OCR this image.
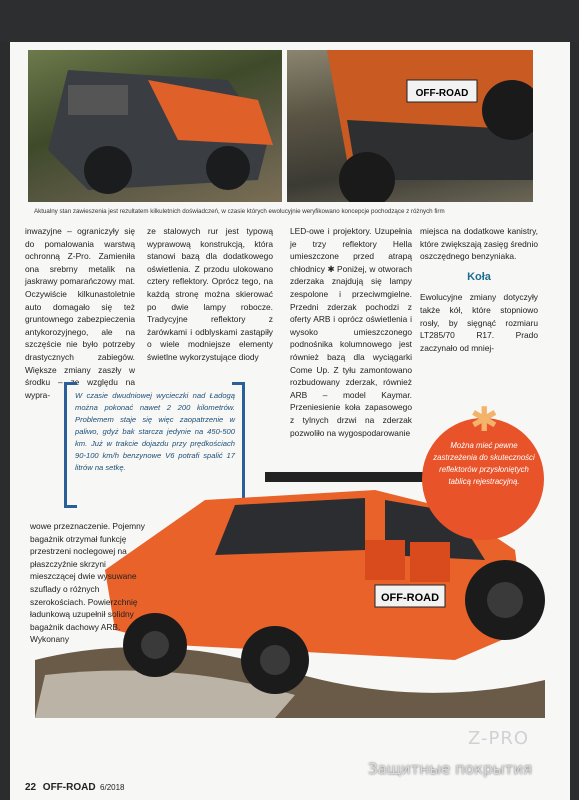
OFF-ROAD
Aktualny stan zawieszenia jest rezultatem kilkuletnich doświadczeń, w czasie których ewolucyjnie weryfikowano koncepcje pochodzące z różnych firm
inwazyjne – ograniczyły się do pomalowania warstwą ochronną Z-Pro. Zamieniła ona srebrny metalik na jaskrawy pomarańczowy mat. Oczywiście kilkunastoletnie auto domagało się też gruntownego zabezpieczenia antykorozyjnego, ale na szczęście nie było potrzeby drastycznych zabiegów. Większe zmiany zaszły w środku – ze względu na wypra-
ze stalowych rur jest typową wyprawową konstrukcją, która stanowi bazą dla dodatkowego oświetlenia. Z przodu ulokowano cztery reflektory. Oprócz tego, na każdą stronę można skierować po dwie lampy robocze. Tradycyjne reflektory z żarówkami i odblyskami zastąpiły o wiele modniejsze elementy świetlne wykorzystujące diody
LED-owe i projektory. Uzupełnia je trzy reflektory Hella umieszczone przed atrapą chłodnicy ✱ Poniżej, w otworach zderzaka znajdują się lampy zespolone i przeciwmgielne. Przedni zderzak pochodzi z oferty ARB i oprócz oświetlenia i wysoko umieszczonego podnośnika kolumnowego jest również bazą dla wyciągarki Come Up. Z tyłu zamontowano rozbudowany zderzak, również ARB – model Kaymar. Przeniesienie koła zapasowego z tylnych drzwi na zderzak pozwoliło na wygospodarowanie

miejsca na dodatkowe kanistry, które zwiększają zasięg średnio oszczędnego benzyniaka.

Koła

Ewolucyjne zmiany dotyczyły także kół, które stopniowo rosły, by sięgnąć rozmiaru LT285/70 R17. Prado zaczynało od mniej-

W czasie dwudniowej wycieczki nad Ładogą można pokonać nawet 2 200 kilometrów. Problemem staje się więc zaopatrzenie w paliwo, gdyż bak starcza jedynie na 450-500 km. Już w trakcie dojazdu przy prędkościach 90-100 km/h benzynowe V6 potrafi spalić 17 litrów na setkę.
OFF-ROAD
wowe przeznaczenie. Pojemny bagażnik otrzymał funkcję przestrzeni noclegowej na płaszczyźnie skrzyni mieszczącej dwie wysuwane szuflady o różnych szerokościach. Powierzchnię ładunkową uzupełnił solidny bagażnik dachowy ARB. Wykonany
✱
Można mieć pewne zastrzeżenia do skuteczności reflektorów przysłoniętych tablicą rejestracyjną.
22 OFF-ROAD 6/2018
Z-PRO
Защитные покрытия
